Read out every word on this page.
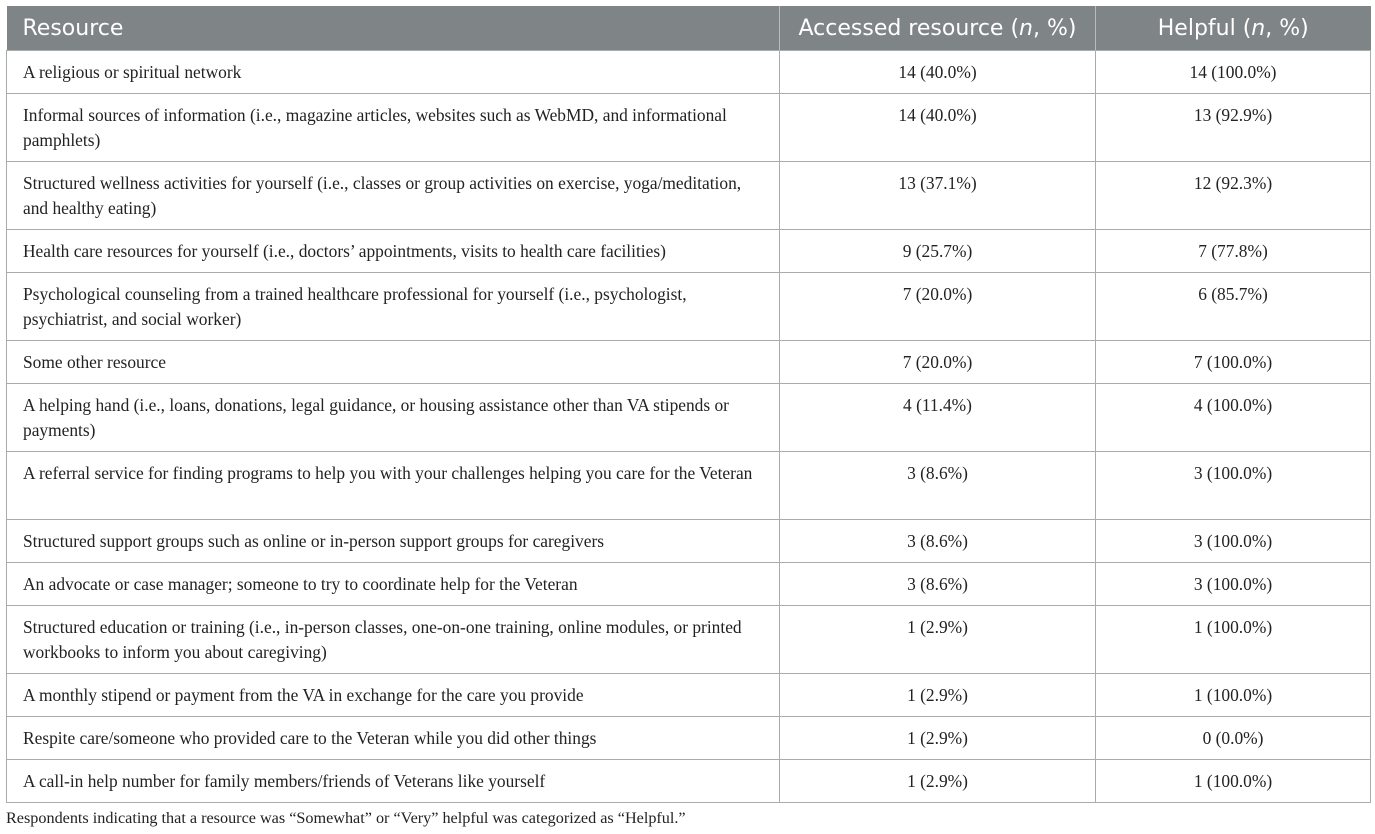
Resource	Accessed resource (n, %)	Helpful (n, %)
A religious or spiritual network	14 (40.0%)	14 (100.0%)
Informal sources of information (i.e., magazine articles, websites such as WebMD, and informational pamphlets)	14 (40.0%)	13 (92.9%)
Structured wellness activities for yourself (i.e., classes or group activities on exercise, yoga/meditation, and healthy eating)	13 (37.1%)	12 (92.3%)
Health care resources for yourself (i.e., doctors’ appointments, visits to health care facilities)	9 (25.7%)	7 (77.8%)
Psychological counseling from a trained healthcare professional for yourself (i.e., psychologist, psychiatrist, and social worker)	7 (20.0%)	6 (85.7%)
Some other resource	7 (20.0%)	7 (100.0%)
A helping hand (i.e., loans, donations, legal guidance, or housing assistance other than VA stipends or payments)	4 (11.4%)	4 (100.0%)
A referral service for finding programs to help you with your challenges helping you care for the Veteran	3 (8.6%)	3 (100.0%)
Structured support groups such as online or in-person support groups for caregivers	3 (8.6%)	3 (100.0%)
An advocate or case manager; someone to try to coordinate help for the Veteran	3 (8.6%)	3 (100.0%)
Structured education or training (i.e., in-person classes, one-on-one training, online modules, or printed workbooks to inform you about caregiving)	1 (2.9%)	1 (100.0%)
A monthly stipend or payment from the VA in exchange for the care you provide	1 (2.9%)	1 (100.0%)
Respite care/someone who provided care to the Veteran while you did other things	1 (2.9%)	0 (0.0%)
A call-in help number for family members/friends of Veterans like yourself	1 (2.9%)	1 (100.0%)
Respondents indicating that a resource was “Somewhat” or “Very” helpful was categorized as “Helpful.”
